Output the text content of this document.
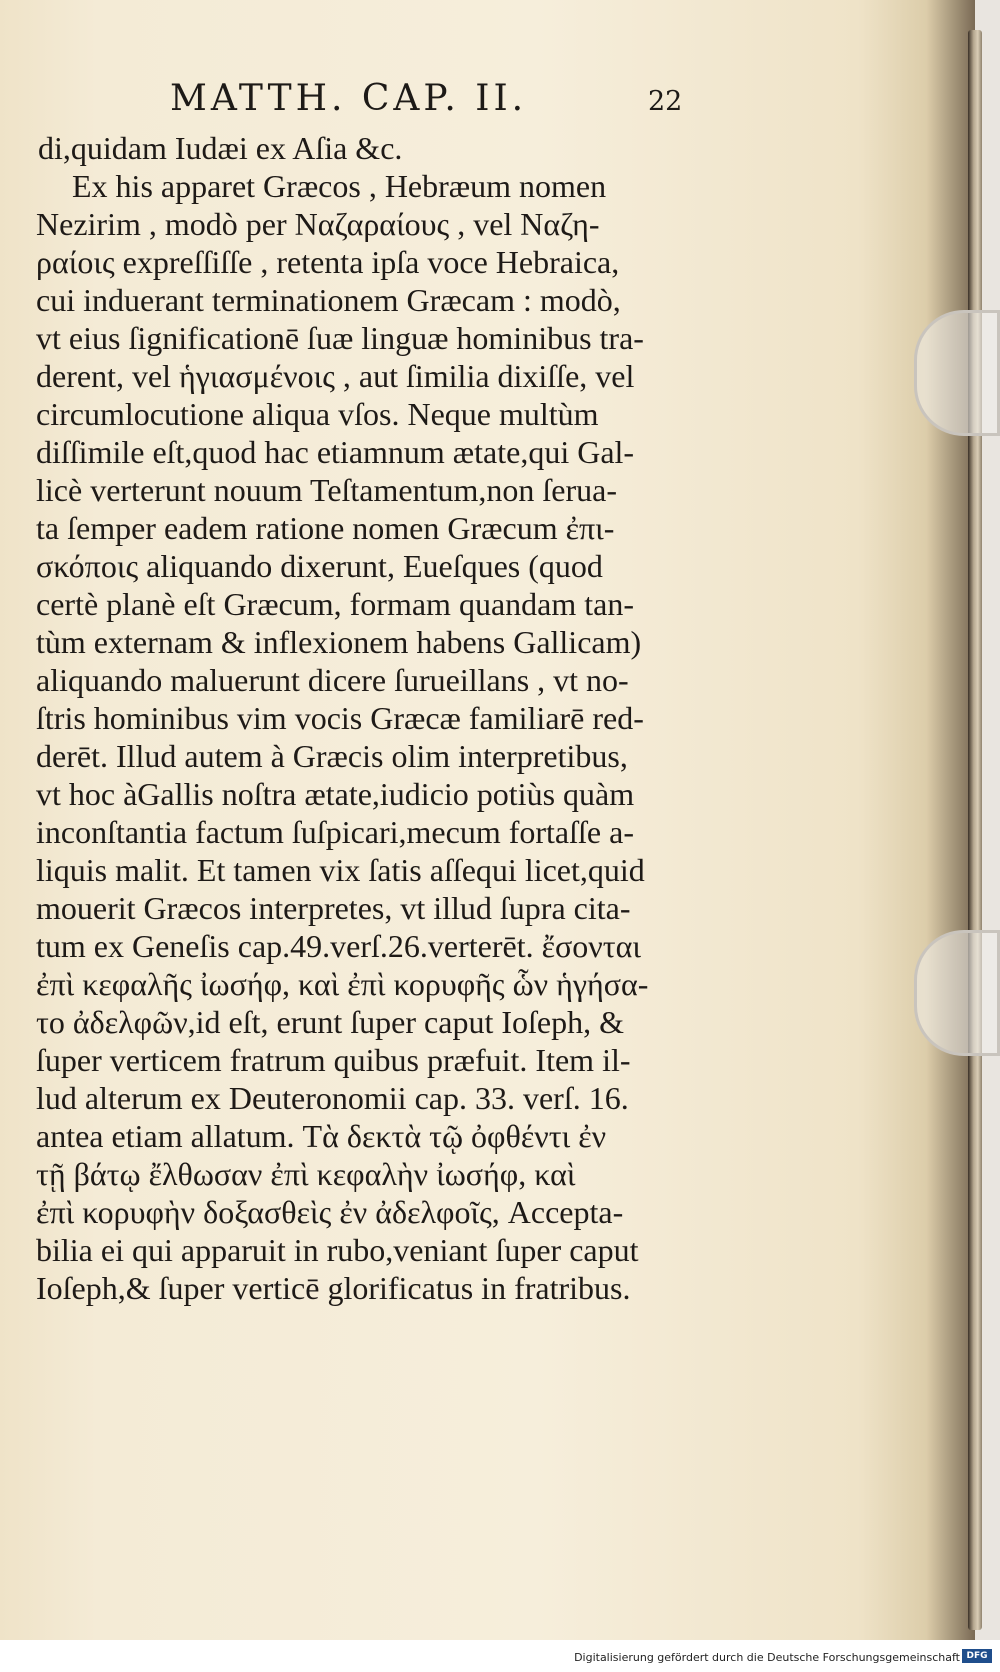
MATTH. CAP. II.	22
di,quidam Iudæi ex Aſia &c.
Ex his apparet Græcos , Hebræum nomen
Nezirim , modò per Ναζαραίους , vel Ναζη-
ραίοις expreſſiſſe , retenta ipſa voce Hebraica,
cui induerant terminationem Græcam : modò,
vt eius ſignificationē ſuæ linguæ hominibus tra-
derent, vel ἡγιασμένοις , aut ſimilia dixiſſe, vel
circumlocutione aliqua vſos. Neque multùm
diſſimile eſt,quod hac etiamnum ætate,qui Gal-
licè verterunt nouum Teſtamentum,non ſerua-
ta ſemper eadem ratione nomen Græcum ἐπι-
σκόποις aliquando dixerunt, Eueſques (quod
certè planè eſt Græcum, formam quandam tan-
tùm externam & inflexionem habens Gallicam)
aliquando maluerunt dicere ſurueillans , vt no-
ſtris hominibus vim vocis Græcæ familiarē red-
derēt. Illud autem à Græcis olim interpretibus,
vt hoc àGallis noſtra ætate,iudicio potiùs quàm
inconſtantia factum ſuſpicari,mecum fortaſſe a-
liquis malit. Et tamen vix ſatis aſſequi licet,quid
mouerit Græcos interpretes, vt illud ſupra cita-
tum ex Geneſis cap.49.verſ.26.verterēt. ἔσονται
ἐπὶ κεφαλῆς ἰωσήφ, καὶ ἐπὶ κορυφῆς ὧν ἡγήσα-
το ἀδελφῶν,id eſt, erunt ſuper caput Ioſeph, &
ſuper verticem fratrum quibus præfuit. Item il-
lud alterum ex Deuteronomii cap. 33. verſ. 16.
antea etiam allatum. Τὰ δεκτὰ τῷ ὀφθέντι ἐν
τῇ βάτῳ ἔλθωσαν ἐπὶ κεφαλὴν ἰωσήφ, καὶ
ἐπὶ κορυφὴν δοξασθεὶς ἐν ἀδελφοῖς, Accepta-
bilia ei qui apparuit in rubo,veniant ſuper caput
Ioſeph,& ſuper verticē glorificatus in fratribus.
Digitalisierung gefördert durch die Deutsche Forschungsgemeinschaft DFG
